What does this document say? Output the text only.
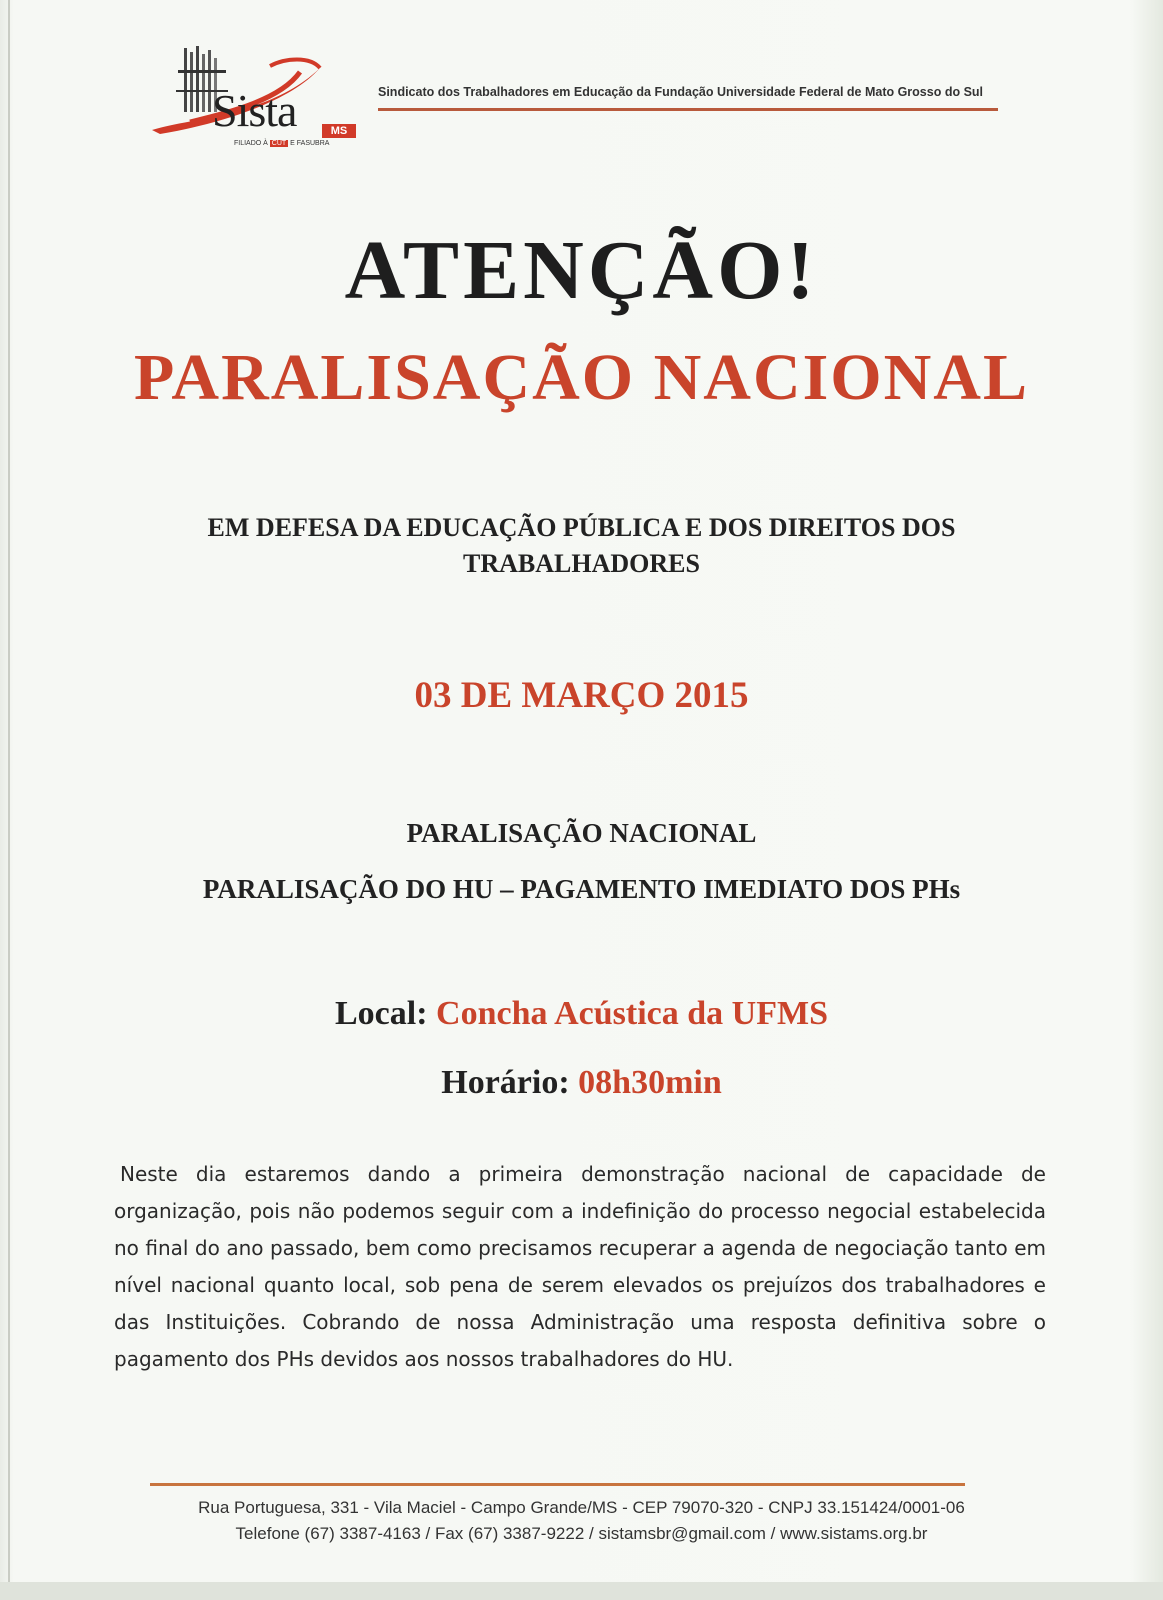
Sista	MS
FILIADO À CUT E FASUBRA
Sindicato dos Trabalhadores em Educação da Fundação Universidade Federal de Mato Grosso do Sul
ATENÇÃO!
PARALISAÇÃO NACIONAL
EM DEFESA DA EDUCAÇÃO PÚBLICA E DOS DIREITOS DOS TRABALHADORES
03 DE MARÇO 2015
PARALISAÇÃO NACIONAL
PARALISAÇÃO DO HU – PAGAMENTO IMEDIATO DOS PHs
Local: Concha Acústica da UFMS
Horário: 08h30min
Neste dia estaremos dando a primeira demonstração nacional de capacidade de organização, pois não podemos seguir com a indefinição do processo negocial estabelecida no final do ano passado, bem como precisamos recuperar a agenda de negociação tanto em nível nacional quanto local, sob pena de serem elevados os prejuízos dos trabalhadores e das Instituições. Cobrando de nossa Administração uma resposta definitiva sobre o pagamento dos PHs devidos aos nossos trabalhadores do HU.
Rua Portuguesa, 331 - Vila Maciel - Campo Grande/MS - CEP 79070-320 - CNPJ 33.151424/0001-06
Telefone (67) 3387-4163 / Fax (67) 3387-9222 / sistamsbr@gmail.com / www.sistams.org.br
